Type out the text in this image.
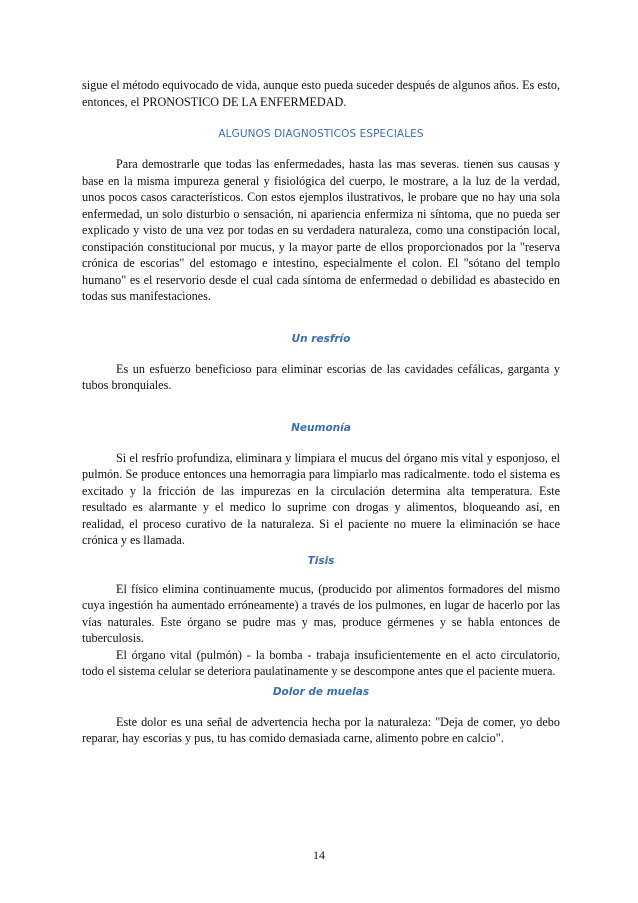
sigue el método equivocado de vida, aunque esto pueda suceder después de algunos años. Es esto, entonces, el PRONOSTICO DE LA ENFERMEDAD.

ALGUNOS DIAGNOSTICOS ESPECIALES

Para demostrarle que todas las enfermedades, hasta las mas severas. tienen sus causas y base en la misma impureza general y fisiológica del cuerpo, le mostrare, a la luz de la verdad, unos pocos casos característicos. Con estos ejemplos ilustrativos, le probare que no hay una sola enfermedad, un solo disturbio o sensación, ni apariencia enfermiza ni síntoma, que no pueda ser explicado y visto de una vez por todas en su verdadera naturaleza, como una constipación local, constipación constitucional por mucus, y la mayor parte de ellos proporcionados por la "reserva crónica de escorias" del estomago e intestino, especialmente el colon. El "sótano del templo humano" es el reservorio desde el cual cada síntoma de enfermedad o debilidad es abastecido en todas sus manifestaciones.

Un resfrío

Es un esfuerzo beneficioso para eliminar escorias de las cavidades cefálicas, garganta y tubos bronquiales.

Neumonía

Si el resfrío profundiza, eliminara y limpiara el mucus del órgano mis vital y esponjoso, el pulmón. Se produce entonces una hemorragia para limpiarlo mas radicalmente. todo el sistema es excitado y la fricción de las impurezas en la circulación determina alta temperatura. Este resultado es alarmante y el medico lo suprime con drogas y alimentos, bloqueando así, en realidad, el proceso curativo de la naturaleza. Si el paciente no muere la eliminación se hace crónica y es llamada.

Tisis

El físico elimina continuamente mucus, (producido por alimentos formadores del mismo cuya ingestión ha aumentado erróneamente) a través de los pulmones, en lugar de hacerlo por las vías naturales. Este órgano se pudre mas y mas, produce gérmenes y se habla entonces de tuberculosis.

El órgano vital (pulmón) - la bomba - trabaja insuficientemente en el acto circulatorio, todo el sistema celular se deteriora paulatinamente y se descompone antes que el paciente muera.

Dolor de muelas

Este dolor es una señal de advertencia hecha por la naturaleza: "Deja de comer, yo debo reparar, hay escorias y pus, tu has comido demasiada carne, alimento pobre en calcio".

14
